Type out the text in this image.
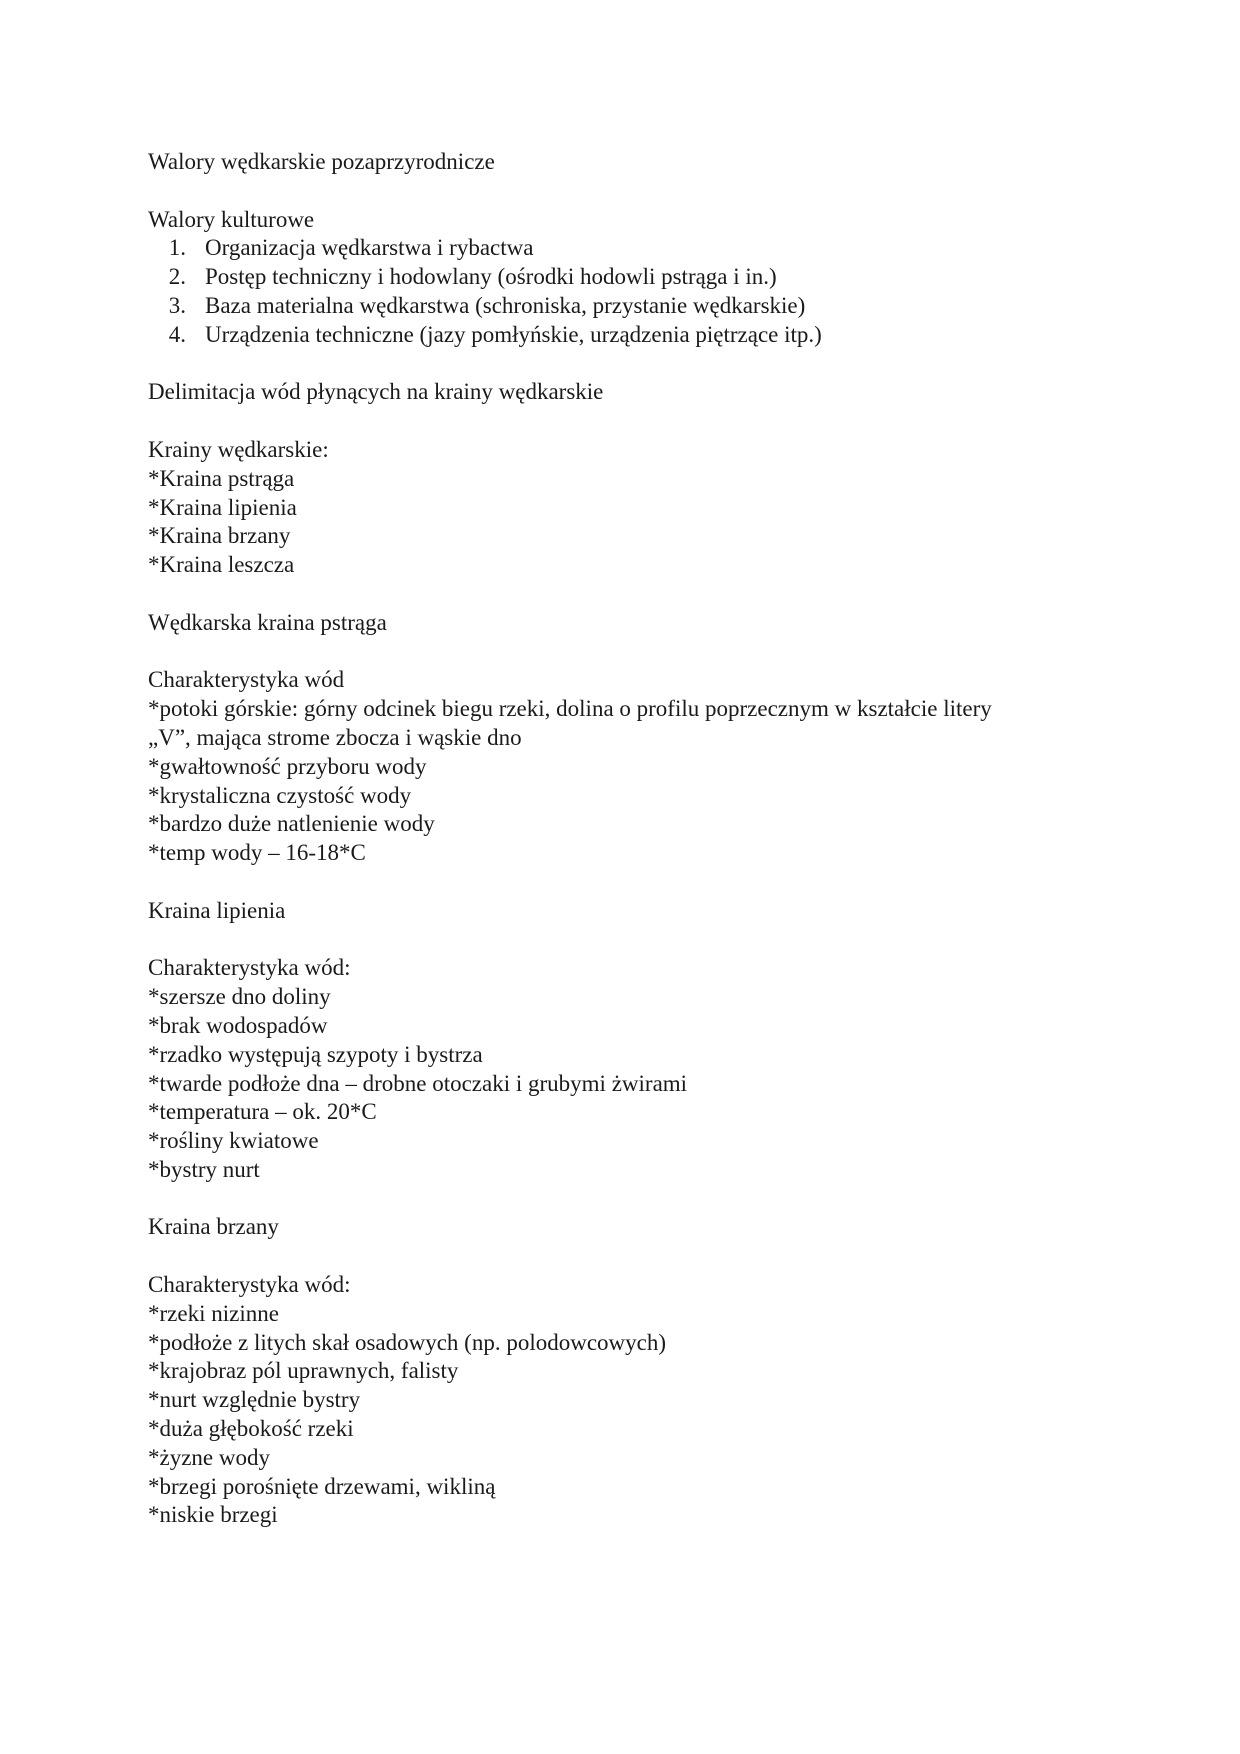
Walory wędkarskie pozaprzyrodnicze
Walory kulturowe
1. Organizacja wędkarstwa i rybactwa
2. Postęp techniczny i hodowlany (ośrodki hodowli pstrąga i in.)
3. Baza materialna wędkarstwa (schroniska, przystanie wędkarskie)
4. Urządzenia techniczne (jazy pomłyńskie, urządzenia piętrzące itp.)
Delimitacja wód płynących na krainy wędkarskie
Krainy wędkarskie:
*Kraina pstrąga
*Kraina lipienia
*Kraina brzany
*Kraina leszcza
Wędkarska kraina pstrąga
Charakterystyka wód
*potoki górskie: górny odcinek biegu rzeki, dolina o profilu poprzecznym w kształcie litery
„V”, mająca strome zbocza i wąskie dno
*gwałtowność przyboru wody
*krystaliczna czystość wody
*bardzo duże natlenienie wody
*temp wody – 16-18*C
Kraina lipienia
Charakterystyka wód:
*szersze dno doliny
*brak wodospadów
*rzadko występują szypoty i bystrza
*twarde podłoże dna – drobne otoczaki i grubymi żwirami
*temperatura – ok. 20*C
*rośliny kwiatowe
*bystry nurt
Kraina brzany
Charakterystyka wód:
*rzeki nizinne
*podłoże z litych skał osadowych (np. polodowcowych)
*krajobraz pól uprawnych, falisty
*nurt względnie bystry
*duża głębokość rzeki
*żyzne wody
*brzegi porośnięte drzewami, wikliną
*niskie brzegi
